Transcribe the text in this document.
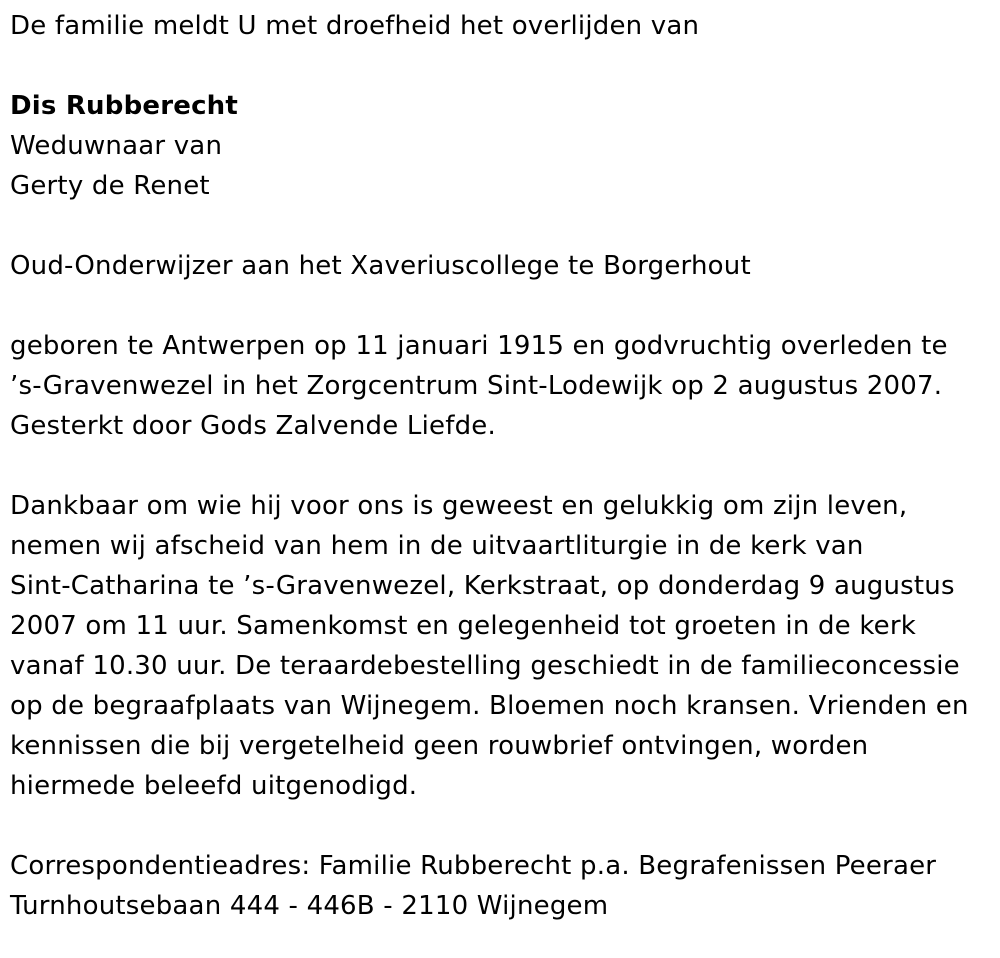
De familie meldt U met droefheid het overlijden van
Dis Rubberecht
Weduwnaar van
Gerty de Renet
Oud-Onderwijzer aan het Xaveriuscollege te Borgerhout
geboren te Antwerpen op 11 januari 1915 en godvruchtig overleden te
’s-Gravenwezel in het Zorgcentrum Sint-Lodewijk op 2 augustus 2007.
Gesterkt door Gods Zalvende Liefde.
Dankbaar om wie hij voor ons is geweest en gelukkig om zijn leven,
nemen wij afscheid van hem in de uitvaartliturgie in de kerk van
Sint-Catharina te ’s-Gravenwezel, Kerkstraat, op donderdag 9 augustus
2007 om 11 uur. Samenkomst en gelegenheid tot groeten in de kerk
vanaf 10.30 uur. De teraardebestelling geschiedt in de familieconcessie
op de begraafplaats van Wijnegem. Bloemen noch kransen. Vrienden en
kennissen die bij vergetelheid geen rouwbrief ontvingen, worden
hiermede beleefd uitgenodigd.
Correspondentieadres: Familie Rubberecht p.a. Begrafenissen Peeraer
Turnhoutsebaan 444 - 446B - 2110 Wijnegem
